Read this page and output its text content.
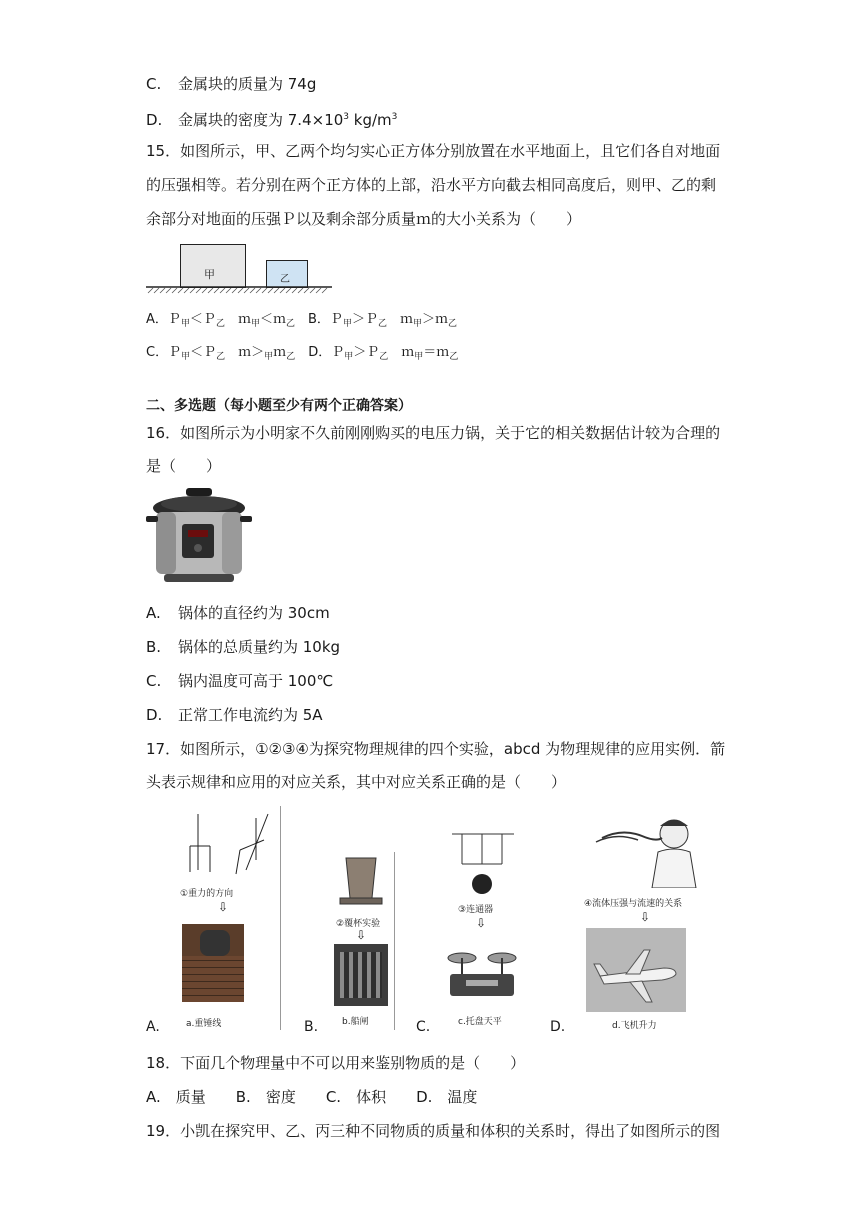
C. 金属块的质量为 74g
D. 金属块的密度为 $7.4\times 10^3$ $kg/m^3$
15．如图所示，甲、乙两个均匀实心正方体分别放置在水平地面上，且它们各自对地面
的压强相等。若分别在两个正方体的上部，沿水平方向截去相同高度后，则甲、乙的剩
余部分对地面的压强Ｐ以及剩余部分质量ｍ的大小关系为（　　）
甲	乙
A．Ｐ$_甲$＜Ｐ$_乙$　ｍ$_甲$＜ｍ$_乙$　B．Ｐ$_甲$＞Ｐ$_乙$　ｍ$_甲$＞ｍ$_乙$
C．Ｐ$_甲$＜Ｐ$_乙$　$m>_甲m_乙$　D．Ｐ$_甲$＞Ｐ$_乙$　ｍ$_甲$＝ｍ$_乙$
二、多选题（每小题至少有两个正确答案）
16．如图所示为小明家不久前刚刚购买的电压力锅，关于它的相关数据估计较为合理的
是（　　）
A. 锅体的直径约为 30cm
B. 锅体的总质量约为 10kg
C. 锅内温度可高于 100℃
D. 正常工作电流约为 5A
17．如图所示，①②③④为探究物理规律的四个实验，abcd 为物理规律的应用实例．箭
头表示规律和应用的对应关系，其中对应关系正确的是（　　）
A.
①重力的方向
⇩
a.重锤线	B.
②覆杯实验
⇩
b.船闸	C.
③连通器
⇩
c.托盘天平	D.
④流体压强与流速的关系
⇩
d.飞机升力
18．下面几个物理量中不可以用来鉴别物质的是（　　）
A.　质量　　B.　密度　　C.　体积　　D.　温度
19．小凯在探究甲、乙、丙三种不同物质的质量和体积的关系时，得出了如图所示的图
